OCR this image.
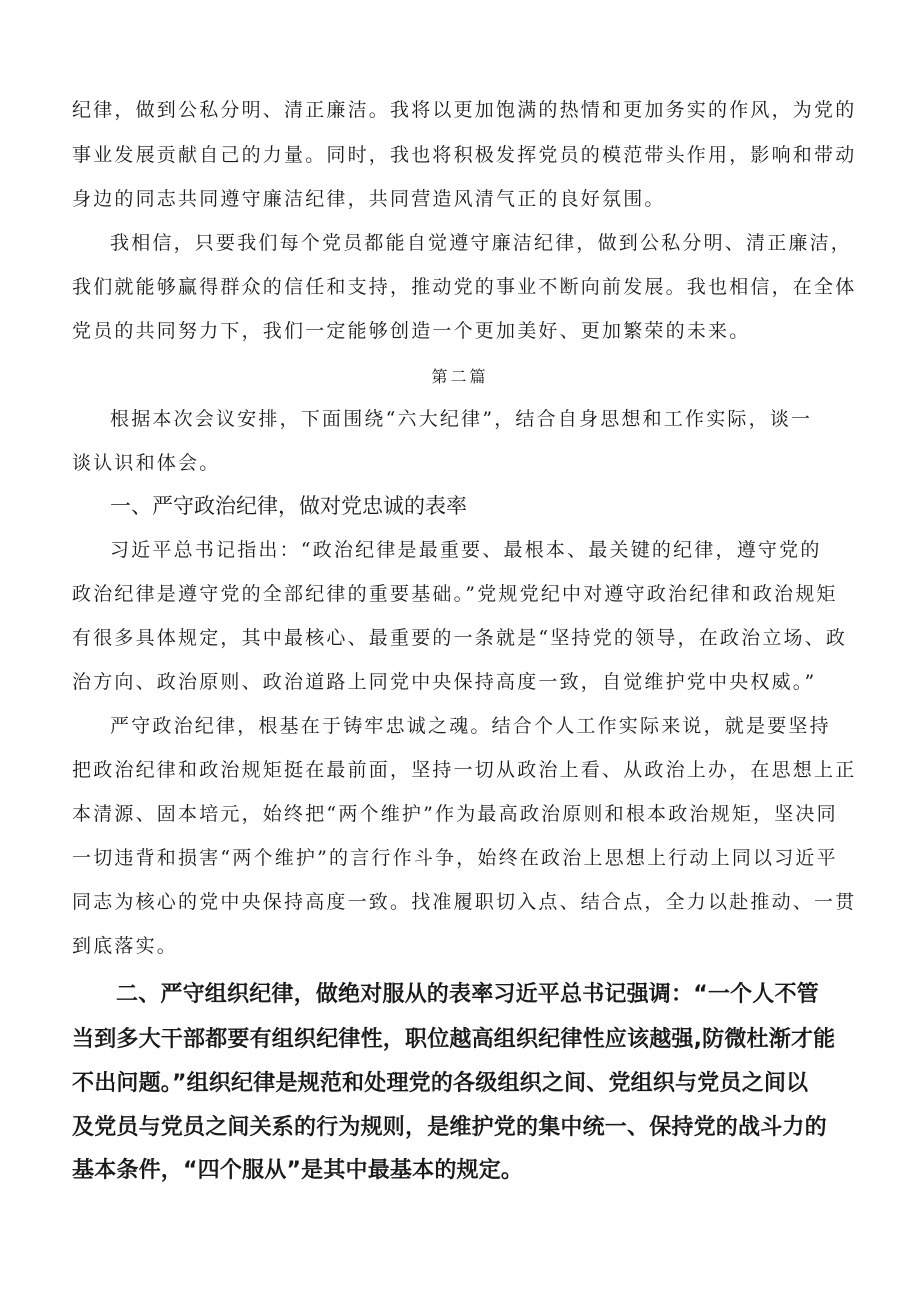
纪律，做到公私分明、清正廉洁。我将以更加饱满的热情和更加务实的作风，为党的

事业发展贡献自己的力量。同时，我也将积极发挥党员的模范带头作用，影响和带动

身边的同志共同遵守廉洁纪律，共同营造风清气正的良好氛围。

我相信，只要我们每个党员都能自觉遵守廉洁纪律，做到公私分明、清正廉洁，

我们就能够赢得群众的信任和支持，推动党的事业不断向前发展。我也相信，在全体

党员的共同努力下，我们一定能够创造一个更加美好、更加繁荣的未来。

第二篇

根据本次会议安排，下面围绕“六大纪律”，结合自身思想和工作实际，谈一

谈认识和体会。

一、严守政治纪律，做对党忠诚的表率

习近平总书记指出：“政治纪律是最重要、最根本、最关键的纪律，遵守党的

政治纪律是遵守党的全部纪律的重要基础。”党规党纪中对遵守政治纪律和政治规矩

有很多具体规定，其中最核心、最重要的一条就是“坚持党的领导，在政治立场、政

治方向、政治原则、政治道路上同党中央保持高度一致，自觉维护党中央权威。”

严守政治纪律，根基在于铸牢忠诚之魂。结合个人工作实际来说，就是要坚持

把政治纪律和政治规矩挺在最前面，坚持一切从政治上看、从政治上办，在思想上正

本清源、固本培元，始终把“两个维护”作为最高政治原则和根本政治规矩，坚决同

一切违背和损害“两个维护”的言行作斗争，始终在政治上思想上行动上同以习近平

同志为核心的党中央保持高度一致。找准履职切入点、结合点，全力以赴推动、一贯

到底落实。

二、严守组织纪律，做绝对服从的表率习近平总书记强调：“一个人不管

当到多大干部都要有组织纪律性，职位越高组织纪律性应该越强,防微杜渐才能

不出问题。”组织纪律是规范和处理党的各级组织之间、党组织与党员之间以

及党员与党员之间关系的行为规则，是维护党的集中统一、保持党的战斗力的

基本条件，“四个服从”是其中最基本的规定。
